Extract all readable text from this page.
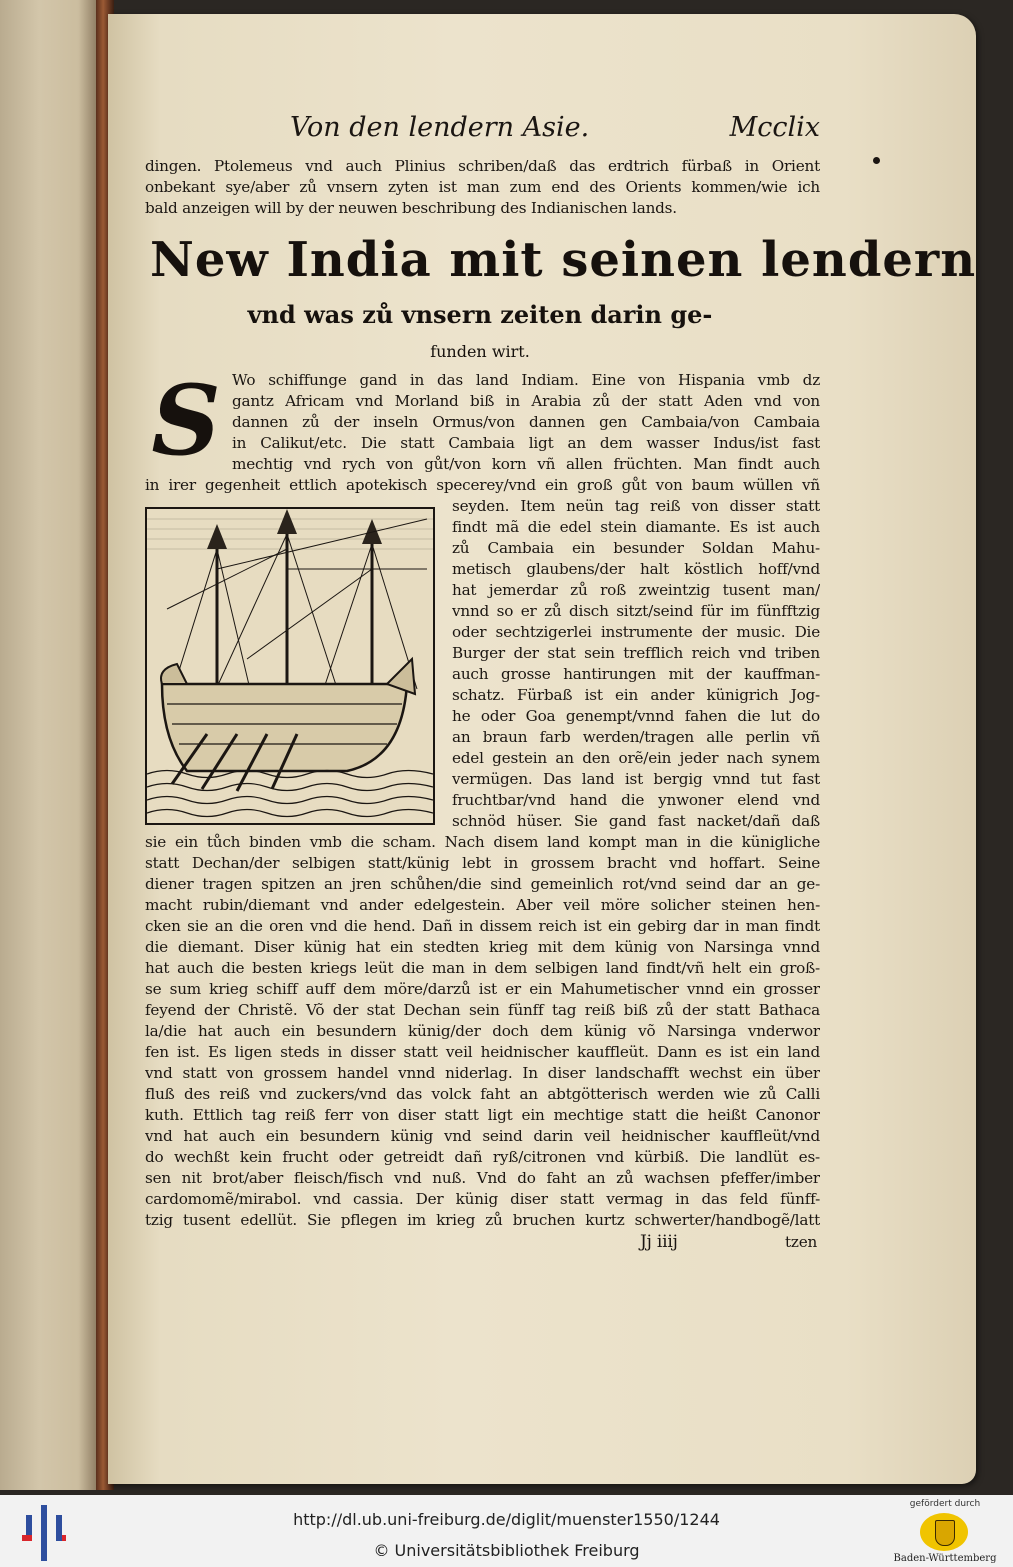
Von den lendern Asie.	Mcclix
dingen. Ptolemeus vnd auch Plinius schriben/daß das erdtrich fürbaß in Orient
onbekant sye/aber zů vnsern zyten ist man zum end des Orients kommen/wie ich
bald anzeigen will by der neuwen beschribung des Indianischen lands.
New India mit seinen lendern
vnd was zů vnsern zeiten darin ge-
funden wirt.
S Wo schiffunge gand in das land Indiam. Eine von Hispania vmb dz
gantz Africam vnd Morland biß in Arabia zů der statt Aden vnd von
dannen zů der inseln Ormus/von dannen gen Cambaia/von Cambaia
in Calikut/etc. Die statt Cambaia ligt an dem wasser Indus/ist fast
mechtig vnd rych von gůt/von korn vñ allen früchten. Man findt auch
in irer gegenheit ettlich apotekisch specerey/vnd ein groß gůt von baum wüllen vñ
seyden. Item neün tag reiß von disser statt
findt mã die edel stein diamante. Es ist auch
zů Cambaia ein besunder Soldan Mahu-
metisch glaubens/der halt köstlich hoff/vnd
hat jemerdar zů roß zweintzig tusent man/
vnnd so er zů disch sitzt/seind für im fünfftzig
oder sechtzigerlei instrumente der music. Die
Burger der stat sein trefflich reich vnd triben
auch grosse hantirungen mit der kauffman-
schatz. Fürbaß ist ein ander künigrich Jog-
he oder Goa genempt/vnnd fahen die lut do
an braun farb werden/tragen alle perlin vñ
edel gestein an den orẽ/ein jeder nach synem
vermügen. Das land ist bergig vnnd tut fast
fruchtbar/vnd hand die ynwoner elend vnd
schnöd hüser. Sie gand fast nacket/dañ daß
sie ein tůch binden vmb die scham. Nach disem land kompt man in die künigliche
statt Dechan/der selbigen statt/künig lebt in grossem bracht vnd hoffart. Seine
diener tragen spitzen an jren schůhen/die sind gemeinlich rot/vnd seind dar an ge-
macht rubin/diemant vnd ander edelgestein. Aber veil möre solicher steinen hen-
cken sie an die oren vnd die hend. Dañ in dissem reich ist ein gebirg dar in man findt
die diemant. Diser künig hat ein stedten krieg mit dem künig von Narsinga vnnd
hat auch die besten kriegs leüt die man in dem selbigen land findt/vñ helt ein groß-
se sum krieg schiff auff dem möre/darzů ist er ein Mahumetischer vnnd ein grosser
feyend der Christẽ. Võ der stat Dechan sein fünff tag reiß biß zů der statt Bathaca
la/die hat auch ein besundern künig/der doch dem künig võ Narsinga vnderwor
fen ist. Es ligen steds in disser statt veil heidnischer kauffleüt. Dann es ist ein land
vnd statt von grossem handel vnnd niderlag. In diser landschafft wechst ein über
fluß des reiß vnd zuckers/vnd das volck faht an abtgötterisch werden wie zů Calli
kuth. Ettlich tag reiß ferr von diser statt ligt ein mechtige statt die heißt Canonor
vnd hat auch ein besundern künig vnd seind darin veil heidnischer kauffleüt/vnd
do wechßt kein frucht oder getreidt dañ ryß/citronen vnd kürbiß. Die landlüt es-
sen nit brot/aber fleisch/fisch vnd nuß. Vnd do faht an zů wachsen pfeffer/imber
cardomomẽ/mirabol. vnd cassia. Der künig diser statt vermag in das feld fünff-
tzig tusent edellüt. Sie pflegen im krieg zů bruchen kurtz schwerter/handbogẽ/latt
Jj iiij	tzen
http://dl.ub.uni-freiburg.de/diglit/muenster1550/1244
© Universitätsbibliothek Freiburg
gefördert durch
Baden-Württemberg
